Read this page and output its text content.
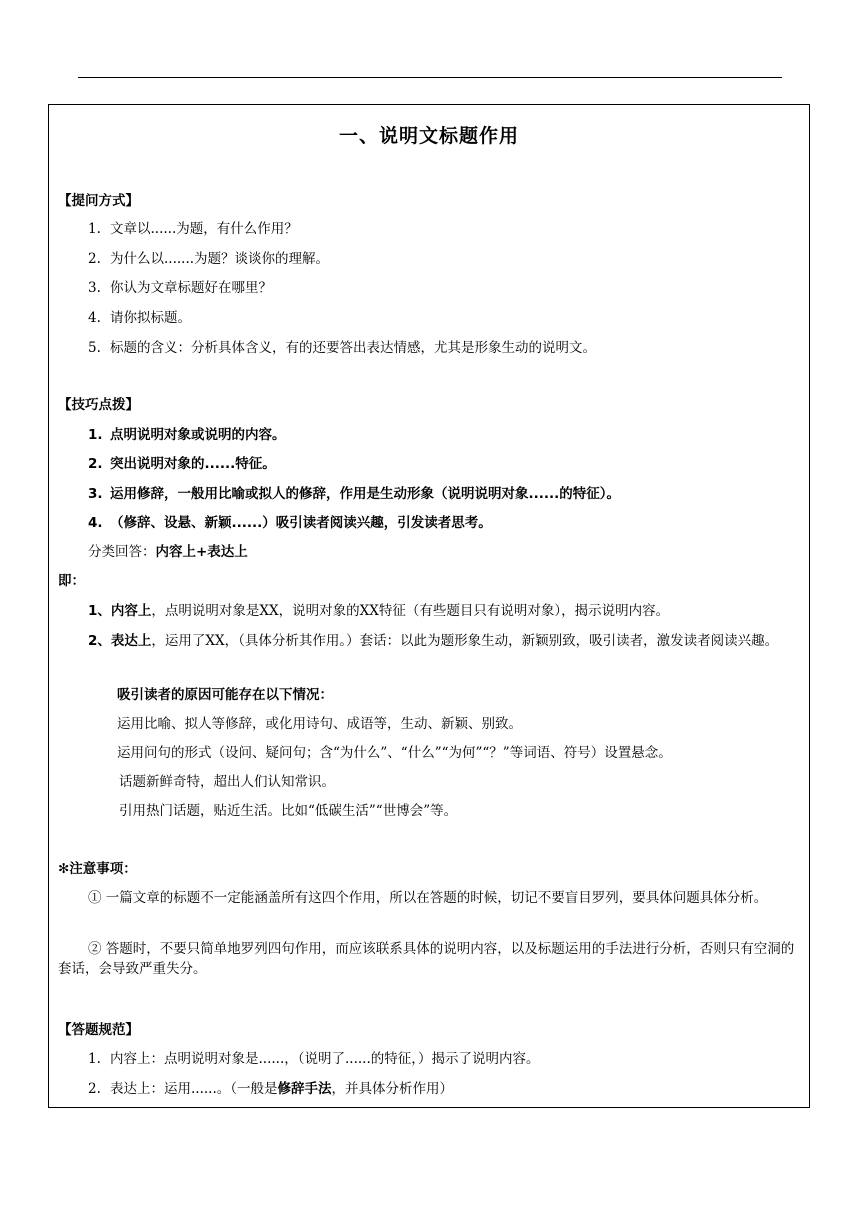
一、说明文标题作用
【提问方式】
1. 文章以......为题，有什么作用？
2. 为什么以.......为题？谈谈你的理解。
3. 你认为文章标题好在哪里？
4. 请你拟标题。
5. 标题的含义：分析具体含义，有的还要答出表达情感，尤其是形象生动的说明文。
【技巧点拨】
1. 点明说明对象或说明的内容。
2. 突出说明对象的......特征。
3. 运用修辞，一般用比喻或拟人的修辞，作用是生动形象（说明说明对象......的特征）。
4. （修辞、设悬、新颖......）吸引读者阅读兴趣，引发读者思考。
分类回答：内容上+表达上
即：
1、内容上，点明说明对象是XX，说明对象的XX特征（有些题目只有说明对象），揭示说明内容。
2、表达上，运用了XX，（具体分析其作用。）套话：以此为题形象生动，新颖别致，吸引读者，激发读者阅读兴趣。
吸引读者的原因可能存在以下情况：
运用比喻、拟人等修辞，或化用诗句、成语等，生动、新颖、别致。
运用问句的形式（设问、疑问句；含“为什么”、“什么”“为何”“？”等词语、符号）设置悬念。
话题新鲜奇特，超出人们认知常识。
引用热门话题，贴近生活。比如“低碳生活”“世博会”等。
✻注意事项：
① 一篇文章的标题不一定能涵盖所有这四个作用，所以在答题的时候，切记不要盲目罗列，要具体问题具体分析。
② 答题时，不要只简单地罗列四句作用，而应该联系具体的说明内容，以及标题运用的手法进行分析，否则只有空洞的套话，会导致严重失分。
【答题规范】
1. 内容上：点明说明对象是......，（说明了......的特征，）揭示了说明内容。
2. 表达上：运用......。（一般是修辞手法，并具体分析作用）
